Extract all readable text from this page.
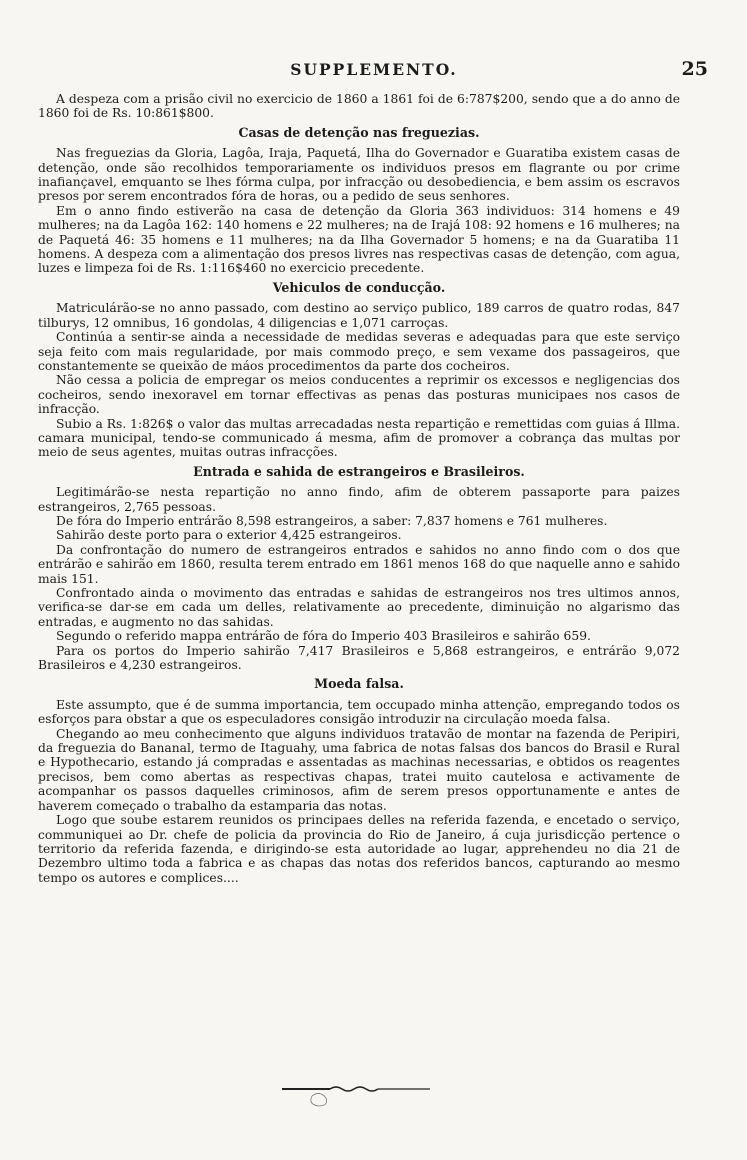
SUPPLEMENTO.	25

A despeza com a prisão civil no exercicio de 1860 a 1861 foi de 6:787$200, sendo que a do anno de 1860 foi de Rs. 10:861$800.

Casas de detenção nas freguezias.

Nas freguezias da Gloria, Lagôa, Iraja, Paquetá, Ilha do Governador e Guaratiba existem casas de detenção, onde são recolhidos temporariamente os individuos presos em flagrante ou por crime inafiançavel, emquanto se lhes fórma culpa, por infracção ou desobediencia, e bem assim os escravos presos por serem encontrados fóra de horas, ou a pedido de seus senhores.

Em o anno findo estiverão na casa de detenção da Gloria 363 individuos: 314 homens e 49 mulheres; na da Lagôa 162: 140 homens e 22 mulheres; na de Irajá 108: 92 homens e 16 mulheres; na de Paquetá 46: 35 homens e 11 mulheres; na da Ilha Governador 5 homens; e na da Guaratiba 11 homens. A despeza com a alimentação dos presos livres nas respectivas casas de detenção, com agua, luzes e limpeza foi de Rs. 1:116$460 no exercicio precedente.

Vehiculos de conducção.

Matriculárão-se no anno passado, com destino ao serviço publico, 189 carros de quatro rodas, 847 tilburys, 12 omnibus, 16 gondolas, 4 diligencias e 1,071 carroças.

Continúa a sentir-se ainda a necessidade de medidas severas e adequadas para que este serviço seja feito com mais regularidade, por mais commodo preço, e sem vexame dos passageiros, que constantemente se queixão de máos procedimentos da parte dos cocheiros.

Não cessa a policia de empregar os meios conducentes a reprimir os excessos e negligencias dos cocheiros, sendo inexoravel em tornar effectivas as penas das posturas municipaes nos casos de infracção.

Subio a Rs. 1:826$ o valor das multas arrecadadas nesta repartição e remettidas com guias á Illma. camara municipal, tendo-se communicado á mesma, afim de promover a cobrança das multas por meio de seus agentes, muitas outras infracções.

Entrada e sahida de estrangeiros e Brasileiros.

Legitimárão-se nesta repartição no anno findo, afim de obterem passaporte para paizes estrangeiros, 2,765 pessoas.

De fóra do Imperio entrárão 8,598 estrangeiros, a saber: 7,837 homens e 761 mulheres.

Sahirão deste porto para o exterior 4,425 estrangeiros.

Da confrontação do numero de estrangeiros entrados e sahidos no anno findo com o dos que entrárão e sahirão em 1860, resulta terem entrado em 1861 menos 168 do que naquelle anno e sahido mais 151.

Confrontado ainda o movimento das entradas e sahidas de estrangeiros nos tres ultimos annos, verifica-se dar-se em cada um delles, relativamente ao precedente, diminuição no algarismo das entradas, e augmento no das sahidas.

Segundo o referido mappa entrárão de fóra do Imperio 403 Brasileiros e sahirão 659.

Para os portos do Imperio sahirão 7,417 Brasileiros e 5,868 estrangeiros, e entrárão 9,072 Brasileiros e 4,230 estrangeiros.

Moeda falsa.

Este assumpto, que é de summa importancia, tem occupado minha attenção, empregando todos os esforços para obstar a que os especuladores consigão introduzir na circulação moeda falsa.

Chegando ao meu conhecimento que alguns individuos tratavão de montar na fazenda de Peripiri, da freguezia do Bananal, termo de Itaguahy, uma fabrica de notas falsas dos bancos do Brasil e Rural e Hypothecario, estando já compradas e assentadas as machinas necessarias, e obtidos os reagentes precisos, bem como abertas as respectivas chapas, tratei muito cautelosa e activamente de acompanhar os passos daquelles criminosos, afim de serem presos opportunamente e antes de haverem começado o trabalho da estamparia das notas.

Logo que soube estarem reunidos os principaes delles na referida fazenda, e encetado o serviço, communiquei ao Dr. chefe de policia da provincia do Rio de Janeiro, á cuja jurisdicção pertence o territorio da referida fazenda, e dirigindo-se esta autoridade ao lugar, apprehendeu no dia 21 de Dezembro ultimo toda a fabrica e as chapas das notas dos referidos bancos, capturando ao mesmo tempo os autores e complices....
